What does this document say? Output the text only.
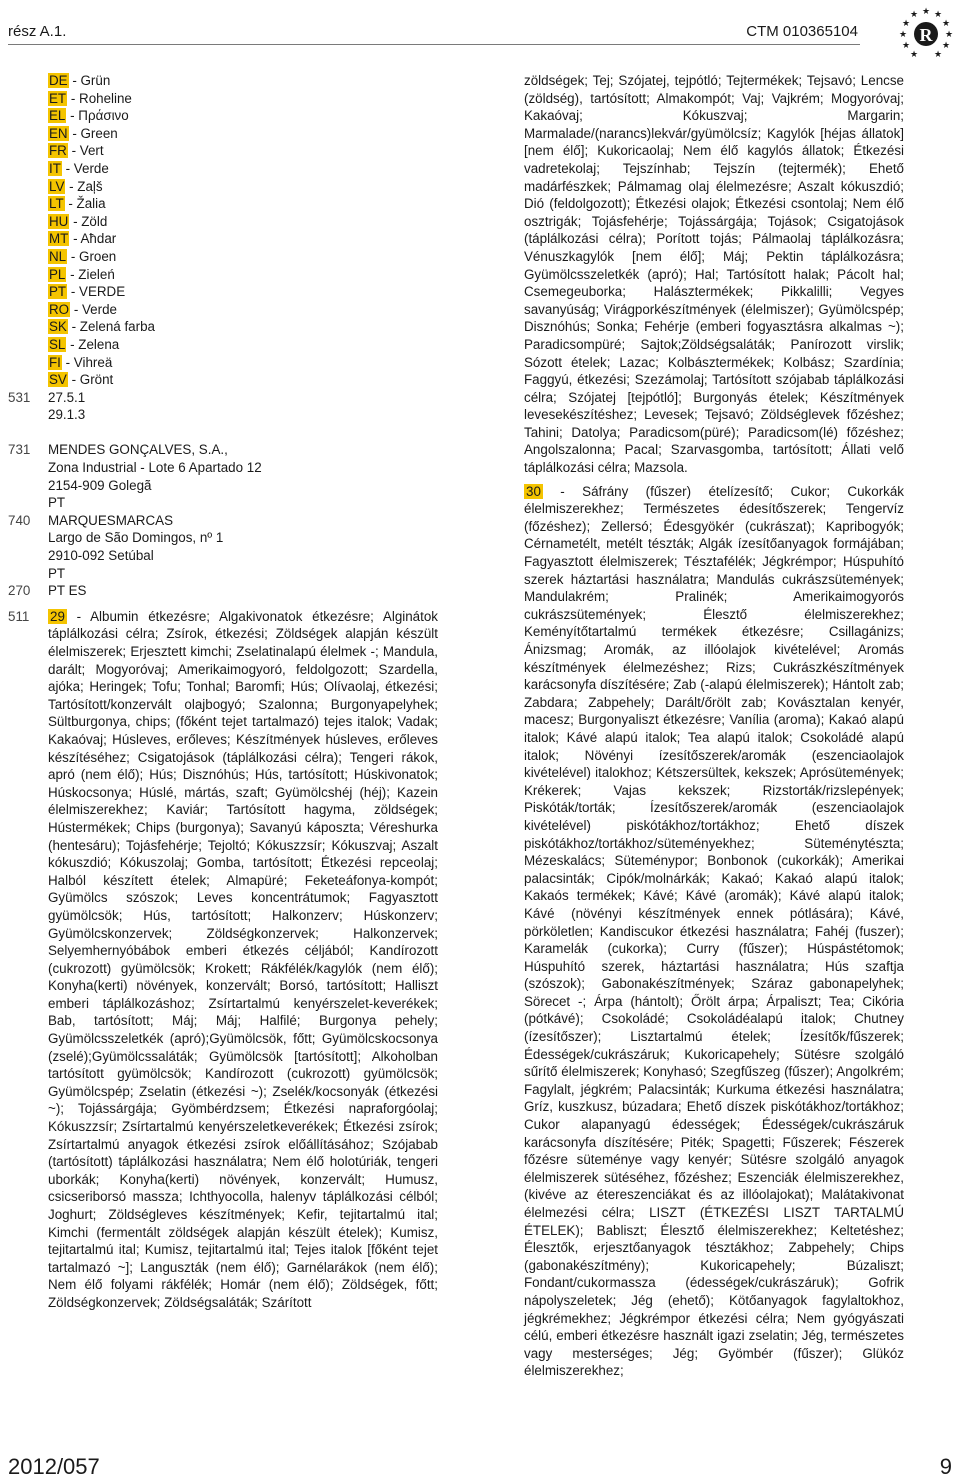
rész A.1.	CTM 010365104	R
★ ★
★
★
★
★
★
★
★
★
★
DE - Grün
ET - Roheline
EL - Πράσινο
EN - Green
FR - Vert
IT - Verde
LV - Zaļš
LT - Žalia
HU - Zöld
MT - Aħdar
NL - Groen
PL - Zieleń
PT - VERDE
RO - Verde
SK - Zelená farba
SL - Zelena
FI - Vihreä
SV - Grönt
531	27.5.1
29.1.3
731	MENDES GONÇALVES, S.A.,
Zona Industrial - Lote 6 Apartado 12
2154-909 Golegã
PT
740	MARQUESMARCAS
Largo de São Domingos, nº 1
2910-092 Setúbal
PT
270	PT ES
511	29 - Albumin étkezésre; Algakivonatok étkezésre; Alginátok táplálkozási célra; Zsírok, étkezési; Zöldségek alapján készült élelmiszerek; Erjesztett kimchi; Zselatinalapú élelmek -; Mandula, darált; Mogyoróvaj; Amerikaimogyoró, feldolgozott; Szardella, ajóka; Heringek; Tofu; Tonhal; Baromfi; Hús; Olívaolaj, étkezési; Tartósított/konzervált olajbogyó; Szalonna; Burgonyapelyhek; Sültburgonya, chips; (főként tejet tartalmazó) tejes italok; Vadak; Kakaóvaj; Húsleves, erőleves; Készítmények húsleves, erőleves készítéséhez; Csigatojások (táplálkozási célra); Tengeri rákok, apró (nem élő); Hús; Disznóhús; Hús, tartósított; Húskivonatok; Húskocsonya; Húslé, mártás, szaft; Gyümölcshéj (héj); Kazein élelmiszerekhez; Kaviár; Tartósított hagyma, zöldségek; Hústermékek; Chips (burgonya); Savanyú káposzta; Véreshurka (hentesáru); Tojásfehérje; Tejoltó; Kókuszzsír; Kókuszvaj; Aszalt kókuszdió; Kókuszolaj; Gomba, tartósított; Étkezési repceolaj; Halból készített ételek; Almapüré; Feketeáfonya-kompót; Gyümölcs szószok; Leves koncentrátumok; Fagyasztott gyümölcsök; Hús, tartósított; Halkonzerv; Húskonzerv; Gyümölcskonzervek; Zöldségkonzervek; Halkonzervek; Selyemhernyóbábok emberi étkezés céljából; Kandírozott (cukrozott) gyümölcsök; Krokett; Rákfélék/kagylók (nem élő); Konyha(kerti) növények, konzervált; Borsó, tartósított; Halliszt emberi táplálkozáshoz; Zsírtartalmú kenyérszelet-keverékek; Bab, tartósított; Máj; Máj; Halfilé; Burgonya pehely; Gyümölcsszeletkék (apró);Gyümölcsök, főtt; Gyümölcskocsonya (zselé);Gyümölcssaláták; Gyümölcsök [tartósított]; Alkoholban tartósított gyümölcsök; Kandírozott (cukrozott) gyümölcsök; Gyümölcspép; Zselatin (étkezési ~); Zselék/kocsonyák (étkezési ~); Tojássárgája; Gyömbérdzsem; Étkezési napraforgóolaj; Kókuszzsír; Zsírtartalmú kenyérszeletkeverékek; Étkezési zsírok; Zsírtartalmú anyagok étkezési zsírok előállításához; Szójabab (tartósított) táplálkozási használatra; Nem élő holotúriák, tengeri uborkák; Konyha(kerti) növények, konzervált; Humusz, csicseriborsó massza; Ichthyocolla, halenyv táplálkozási célból; Joghurt; Zöldségleves készítmények; Kefir, tejitartalmú ital; Kimchi (fermentált zöldségek alapján készült ételek); Kumisz, tejitartalmú ital; Kumisz, tejitartalmú ital; Tejes italok [főként tejet tartalmazó ~]; Languszták (nem élő); Garnélarákok (nem élő); Nem élő folyami rákfélék; Homár (nem élő); Zöldségek, főtt; Zöldségkonzervek; Zöldségsaláták; Szárított
zöldségek; Tej; Szójatej, tejpótló; Tejtermékek; Tejsavó; Lencse (zöldség), tartósított; Almakompót; Vaj; Vajkrém; Mogyoróvaj; Kakaóvaj; Kókuszvaj; Margarin; Marmalade/(narancs)lekvár/gyümölcsíz; Kagylók [héjas állatok] [nem élő]; Kukoricaolaj; Nem élő kagylós állatok; Étkezési vadretekolaj; Tejszínhab; Tejszín (tejtermék); Ehető madárfészkek; Pálmamag olaj élelmezésre; Aszalt kókuszdió; Dió (feldolgozott); Étkezési olajok; Étkezési csontolaj; Nem élő osztrigák; Tojásfehérje; Tojássárgája; Tojások; Csigatojások (táplálkozási célra); Porított tojás; Pálmaolaj táplálkozásra; Vénuszkagylók [nem élő]; Máj; Pektin táplálkozásra; Gyümölcsszeletkék (apró); Hal; Tartósított halak; Pácolt hal; Csemegeuborka; Halásztermékek; Pikkalilli; Vegyes savanyúság; Virágporkészítmények (élelmiszer); Gyümölcspép; Disznóhús; Sonka; Fehérje (emberi fogyasztásra alkalmas ~); Paradicsompüré; Sajtok;Zöldségsaláták; Panírozott virslik; Sózott ételek; Lazac; Kolbásztermékek; Kolbász; Szardínia; Faggyú, étkezési; Szezámolaj; Tartósított szójabab táplálkozási célra; Szójatej [tejpótló]; Burgonyás ételek; Készítmények levesekészítéshez; Levesek; Tejsavó; Zöldséglevek főzéshez; Tahini; Datolya; Paradicsom(püré); Paradicsom(lé) főzéshez; Angolszalonna; Pacal; Szarvasgomba, tartósított; Állati velő táplálkozási célra; Mazsola.
30 - Sáfrány (fűszer) ételízesítő; Cukor; Cukorkák élelmiszerekhez; Természetes édesítőszerek; Tengervíz (főzéshez); Zellersó; Édesgyökér (cukrászat); Kapribogyók; Cérnametélt, metélt tészták; Algák ízesítőanyagok formájában; Fagyasztott élelmiszerek; Tésztafélék; Jégkrémpor; Húspuhító szerek háztartási használatra; Mandulás cukrászsütemények; Mandulakrém; Pralinék; Amerikaimogyorós cukrászsütemények; Élesztő élelmiszerekhez; Keményítőtartalmú termékek étkezésre; Csillagánizs; Ánizsmag; Aromák, az illóolajok kivételével; Aromás készítmények élelmezéshez; Rizs; Cukrászkészítmények karácsonyfa díszítésére; Zab (-alapú élelmiszerek); Hántolt zab; Zabdara; Zabpehely; Darált/őrölt zab; Kovásztalan kenyér, macesz; Burgonyaliszt étkezésre; Vanília (aroma); Kakaó alapú italok; Kávé alapú italok; Tea alapú italok; Csokoládé alapú italok; Növényi ízesítőszerek/aromák (eszenciaolajok kivételével) italokhoz; Kétszersültek, kekszek; Aprósütemények; Krékerek; Vajas kekszek; Rizstorták/rizslepények; Piskóták/torták; Ízesítőszerek/aromák (eszenciaolajok kivételével) piskótákhoz/tortákhoz; Ehető díszek piskótákhoz/tortákhoz/süteményekhez; Süteménytészta; Mézeskalács; Süteménypor; Bonbonok (cukorkák); Amerikai palacsinták; Cipók/molnárkák; Kakaó; Kakaó alapú italok; Kakaós termékek; Kávé; Kávé (aromák); Kávé alapú italok; Kávé (növényi készítmények ennek pótlására); Kávé, pörköletlen; Kandiscukor étkezési használatra; Fahéj (fuszer); Karamelák (cukorka); Curry (fűszer); Húspástétomok; Húspuhító szerek, háztartási használatra; Hús szaftja (szószok); Gabonakészítmények; Száraz gabonapelyhek; Sörecet -; Árpa (hántolt); Őrölt árpa; Árpaliszt; Tea; Cikória (pótkávé); Csokoládé; Csokoládéalapú italok; Chutney (ízesítőszer); Lisztartalmú ételek; Ízesítők/fűszerek; Édességek/cukrászáruk; Kukoricapehely; Sütésre szolgáló sűrítő élelmiszerek; Konyhasó; Szegfűszeg (fűszer); Angolkrém; Fagylalt, jégkrém; Palacsinták; Kurkuma étkezési használatra; Gríz, kuszkusz, búzadara; Ehető díszek piskótákhoz/tortákhoz; Cukor alapanyagú édességek; Édességek/cukrászáruk karácsonyfa díszítésére; Piték; Spagetti; Fűszerek; Fészerek főzésre süteménye vagy kenyér; Sütésre szolgáló anyagok élelmiszerek sütéséhez, főzéshez; Eszenciák élelmiszerekhez,(kivéve az étereszenciákat és az illóolajokat); Malátakivonat élelmezési célra; LISZT (ÉTKEZÉSI LISZT TARTALMÚ ÉTELEK); Babliszt; Élesztő élelmiszerekhez; Keltetéshez; Élesztők, erjesztőanyagok tésztákhoz; Zabpehely; Chips (gabonakészítmény); Kukoricapehely; Búzaliszt; Fondant/cukormassza (édességek/cukrászáruk); Gofrik nápolyszeletek; Jég (ehető); Kötőanyagok fagylaltokhoz, jégkrémekhez; Jégkrémpor étkezési célra; Nem gyógyászati célú, emberi étkezésre használt igazi zselatin; Jég, természetes vagy mesterséges; Jég; Gyömbér (fűszer); Glükóz élelmiszerekhez;
2012/057	9
